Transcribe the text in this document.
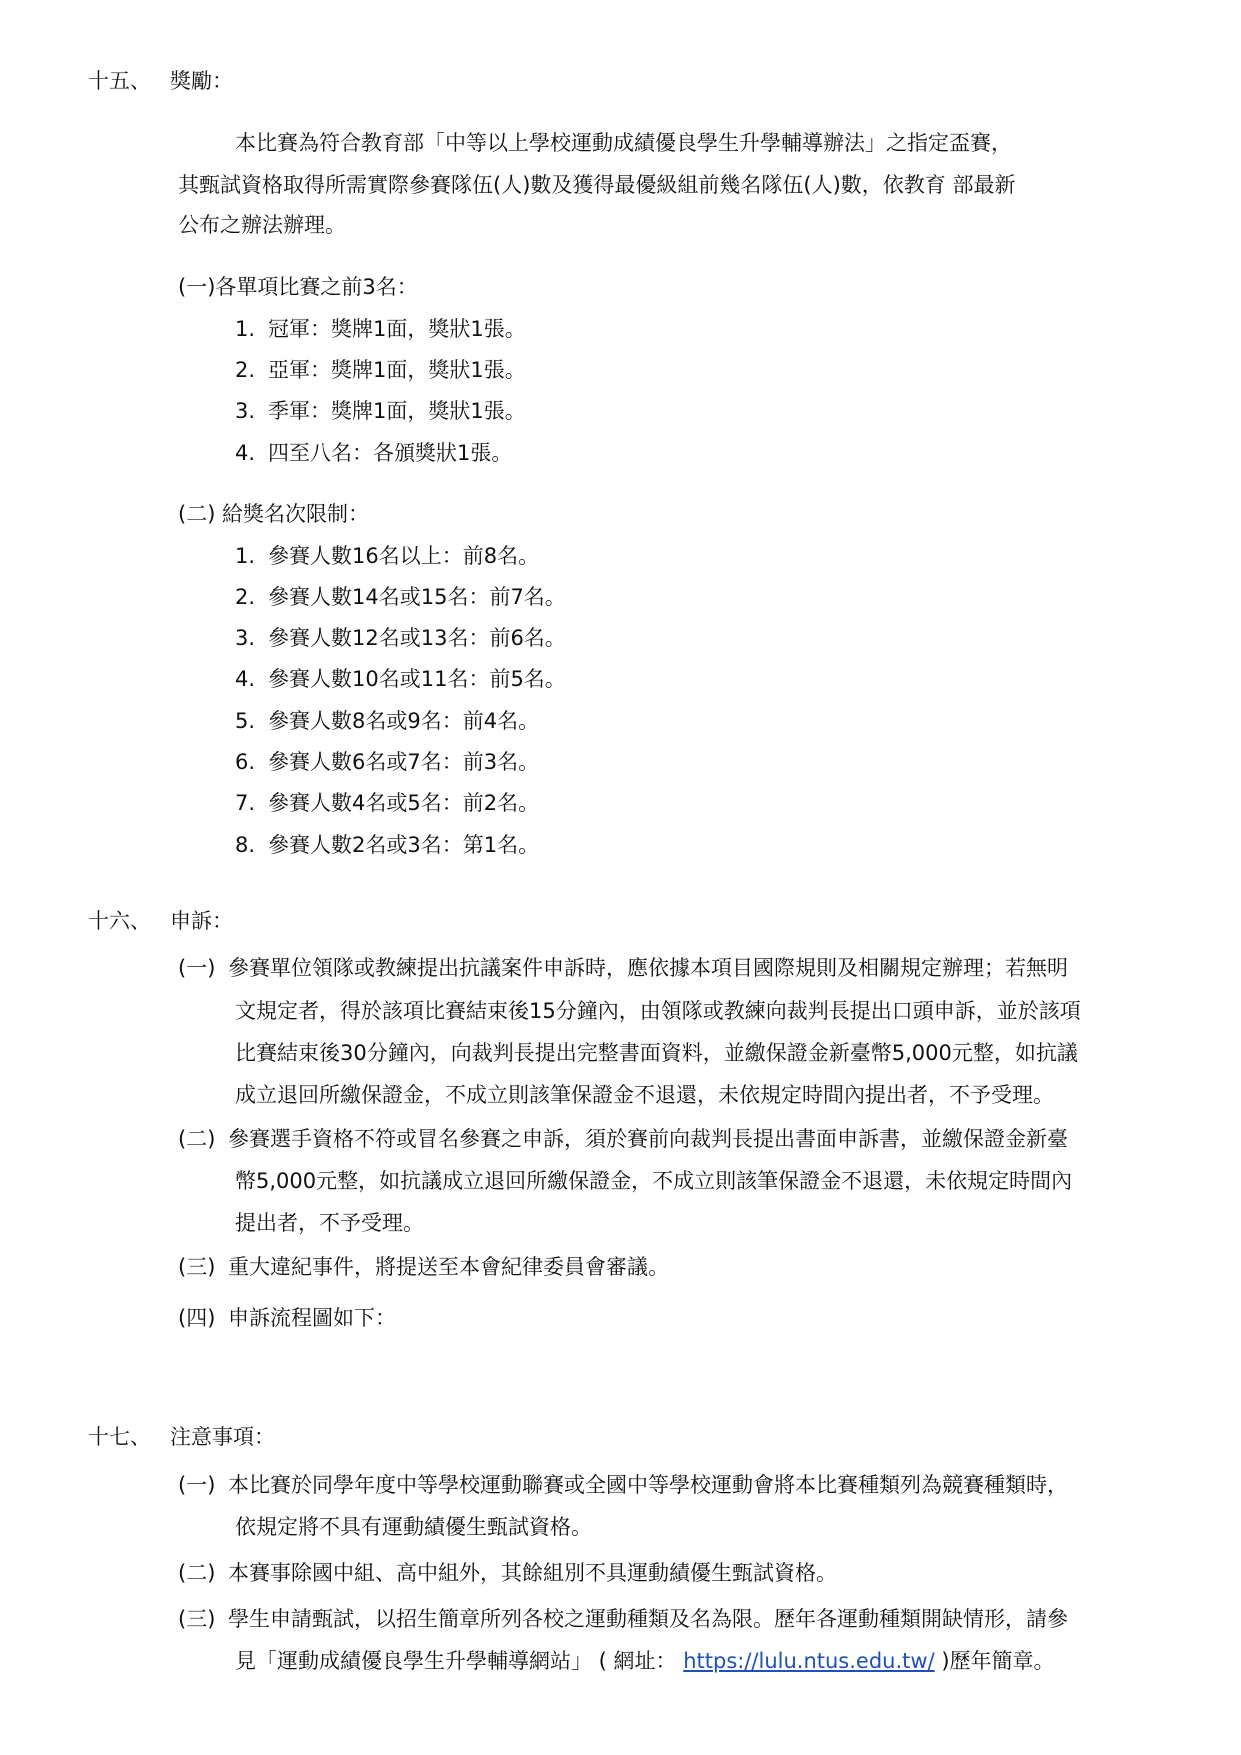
十五、 獎勵：
本比賽為符合教育部「中等以上學校運動成績優良學生升學輔導辦法」之指定盃賽，
其甄試資格取得所需實際參賽隊伍(人)數及獲得最優級組前幾名隊伍(人)數，依教育 部最新
公布之辦法辦理。
(一)各單項比賽之前3名：
1. 冠軍：獎牌1面，獎狀1張。
2. 亞軍：獎牌1面，獎狀1張。
3. 季軍：獎牌1面，獎狀1張。
4. 四至八名：各頒獎狀1張。
(二) 給獎名次限制：
1. 參賽人數16名以上：前8名。
2. 參賽人數14名或15名：前7名。
3. 參賽人數12名或13名：前6名。
4. 參賽人數10名或11名：前5名。
5. 參賽人數8名或9名：前4名。
6. 參賽人數6名或7名：前3名。
7. 參賽人數4名或5名：前2名。
8. 參賽人數2名或3名：第1名。
十六、 申訴：
(一) 參賽單位領隊或教練提出抗議案件申訴時，應依據本項目國際規則及相關規定辦理；若無明
文規定者，得於該項比賽結束後15分鐘內，由領隊或教練向裁判長提出口頭申訴，並於該項
比賽結束後30分鐘內，向裁判長提出完整書面資料，並繳保證金新臺幣5,000元整，如抗議
成立退回所繳保證金，不成立則該筆保證金不退還，未依規定時間內提出者，不予受理。
(二) 參賽選手資格不符或冒名參賽之申訴，須於賽前向裁判長提出書面申訴書，並繳保證金新臺
幣5,000元整，如抗議成立退回所繳保證金，不成立則該筆保證金不退還，未依規定時間內
提出者，不予受理。
(三) 重大違紀事件，將提送至本會紀律委員會審議。
(四) 申訴流程圖如下：
十七、 注意事項：
(一) 本比賽於同學年度中等學校運動聯賽或全國中等學校運動會將本比賽種類列為競賽種類時，
依規定將不具有運動績優生甄試資格。
(二) 本賽事除國中組、高中組外，其餘組別不具運動績優生甄試資格。
(三) 學生申請甄試，以招生簡章所列各校之運動種類及名為限。歷年各運動種類開缺情形，請參
見「運動成績優良學生升學輔導網站」 ( 網址： https://lulu.ntus.edu.tw/ )歷年簡章。
